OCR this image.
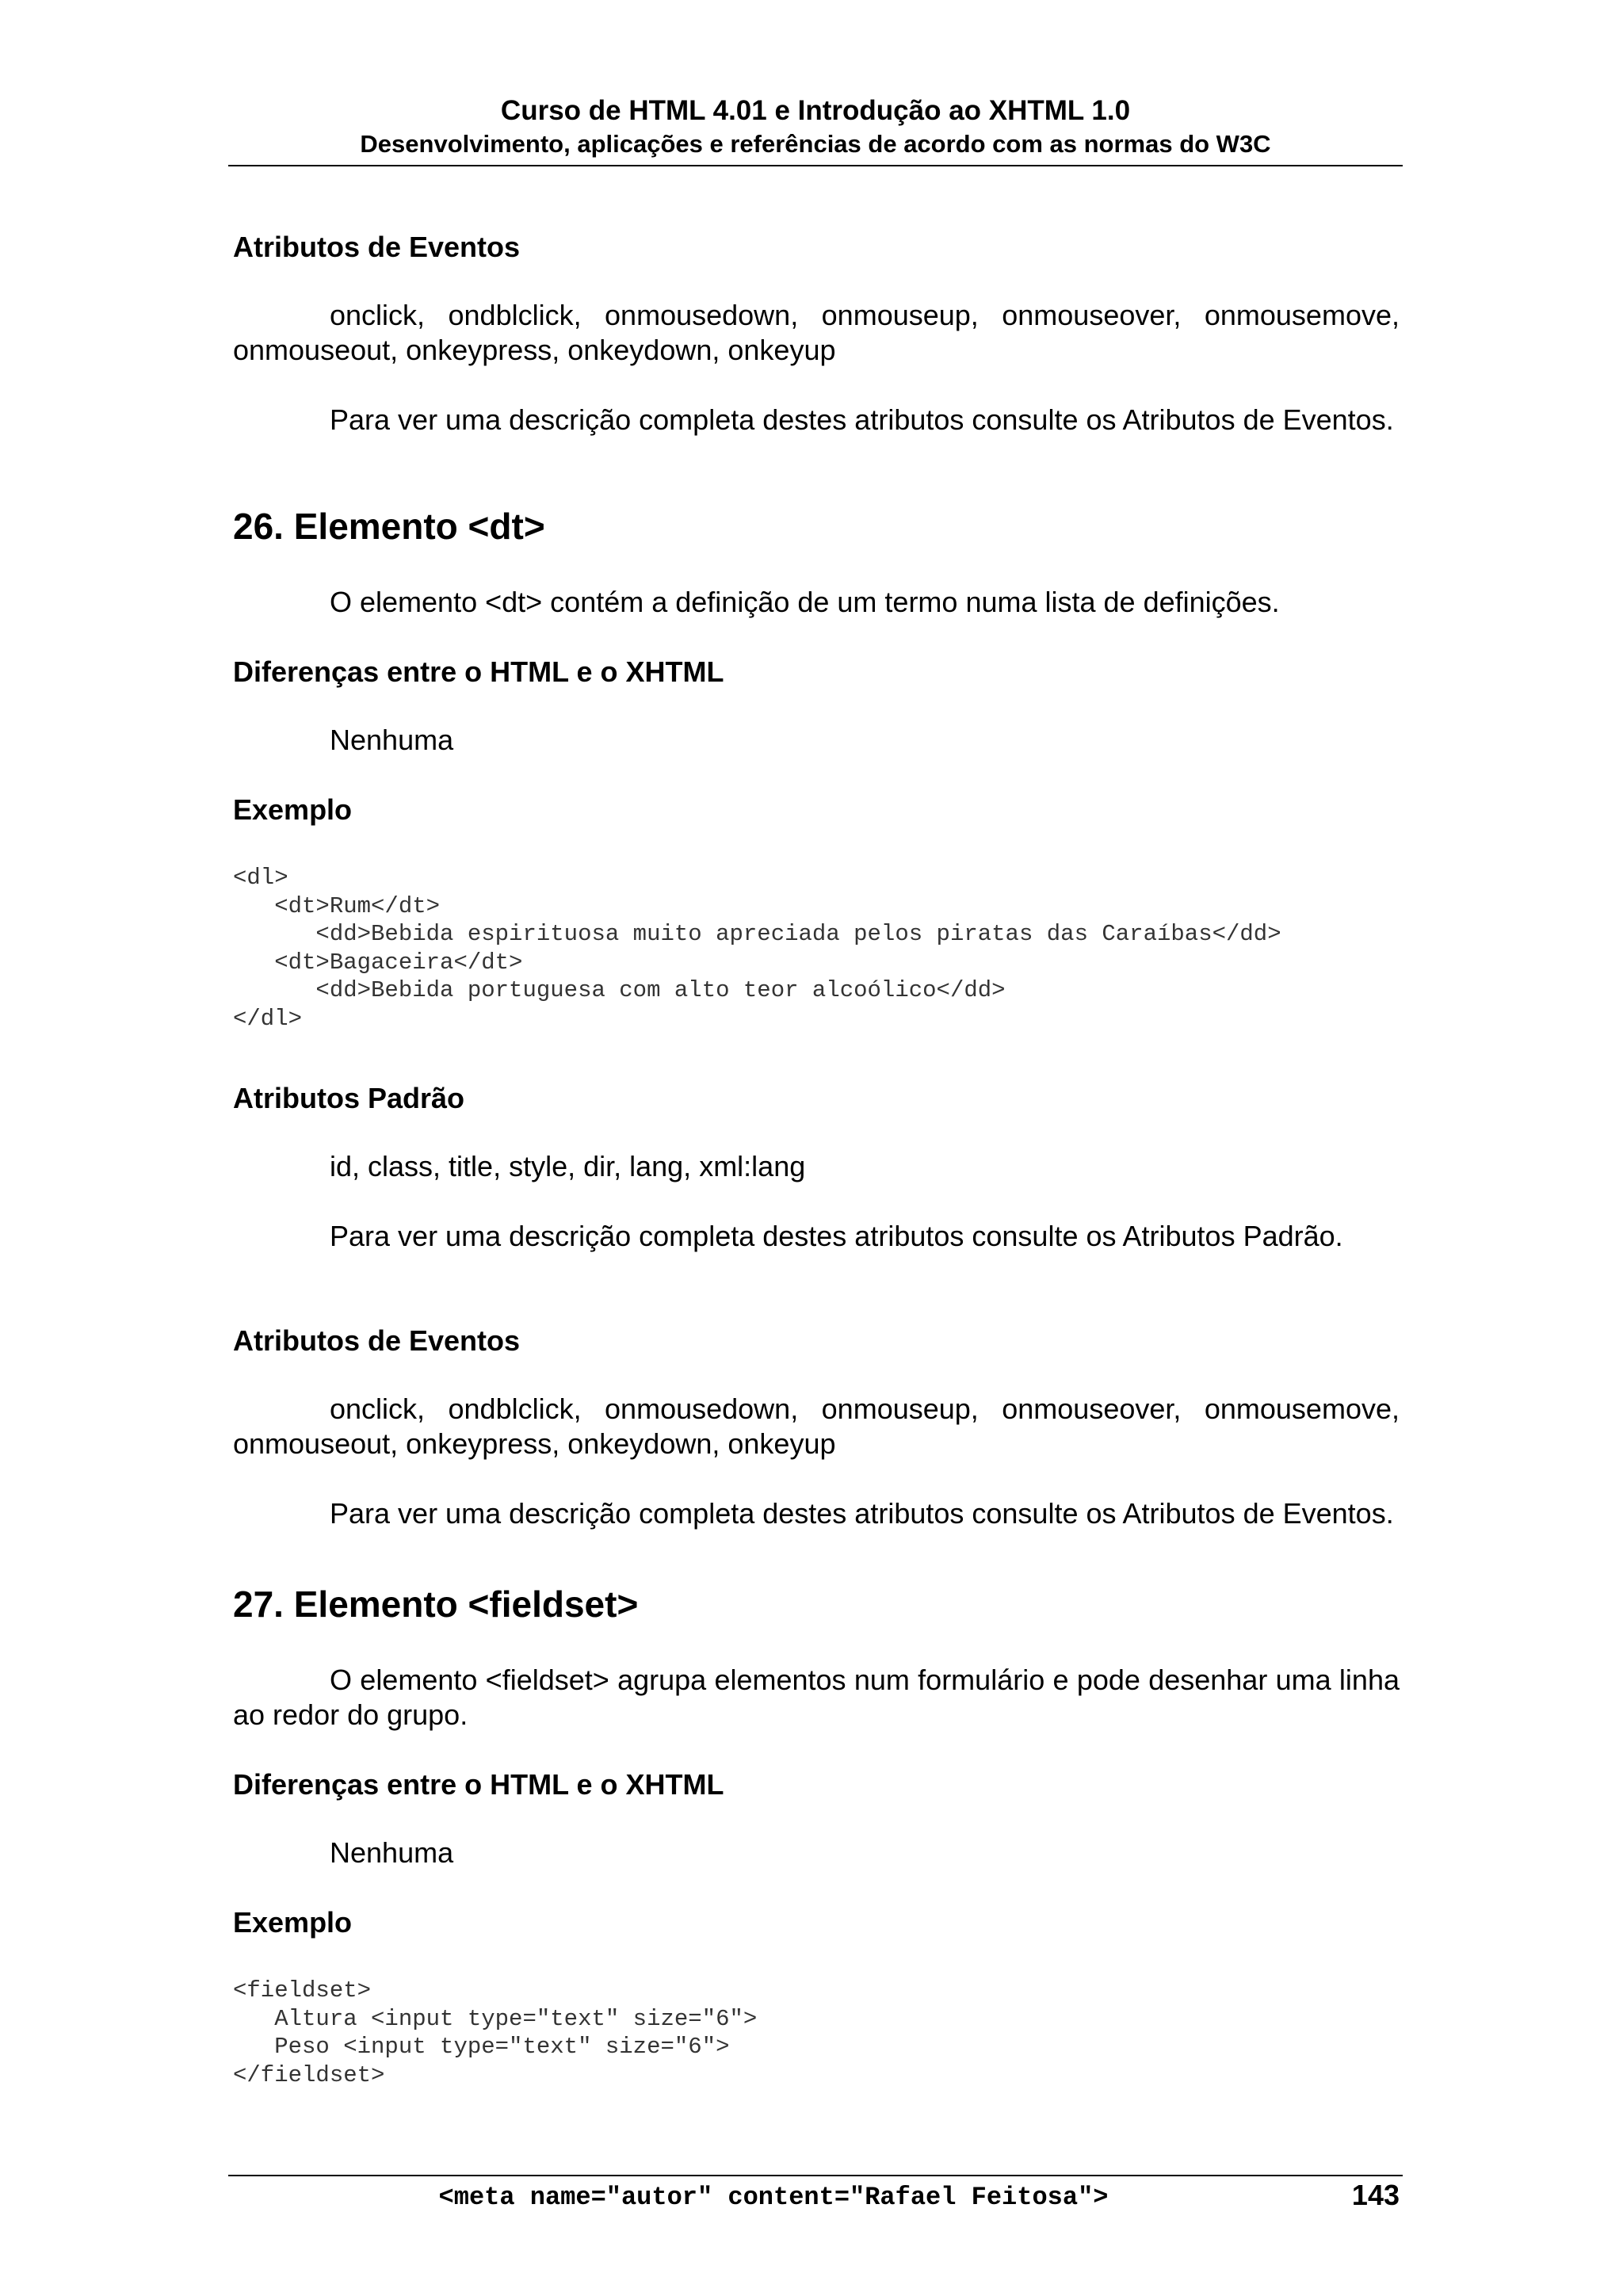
Curso de HTML 4.01 e Introdução ao XHTML 1.0
Desenvolvimento, aplicações e referências de acordo com as normas do W3C
Atributos de Eventos
onclick, ondblclick, onmousedown, onmouseup, onmouseover, onmousemove, onmouseout, onkeypress, onkeydown, onkeyup
Para ver uma descrição completa destes atributos consulte os Atributos de Eventos.
26. Elemento <dt>
O elemento <dt> contém a definição de um termo numa lista de definições.
Diferenças entre o HTML e o XHTML
Nenhuma
Exemplo
<dl>
<dt>Rum</dt>
<dd>Bebida espirituosa muito apreciada pelos piratas das Caraíbas</dd>
<dt>Bagaceira</dt>
<dd>Bebida portuguesa com alto teor alcoólico</dd>
</dl>
Atributos Padrão
id, class, title, style, dir, lang, xml:lang
Para ver uma descrição completa destes atributos consulte os Atributos Padrão.
Atributos de Eventos
onclick, ondblclick, onmousedown, onmouseup, onmouseover, onmousemove, onmouseout, onkeypress, onkeydown, onkeyup
Para ver uma descrição completa destes atributos consulte os Atributos de Eventos.
27. Elemento <fieldset>
O elemento <fieldset> agrupa elementos num formulário e pode desenhar uma linha ao redor do grupo.
Diferenças entre o HTML e o XHTML
Nenhuma
Exemplo
<fieldset>
Altura <input type="text" size="6">
Peso <input type="text" size="6">
</fieldset>
<meta name="autor" content="Rafael Feitosa">	143
